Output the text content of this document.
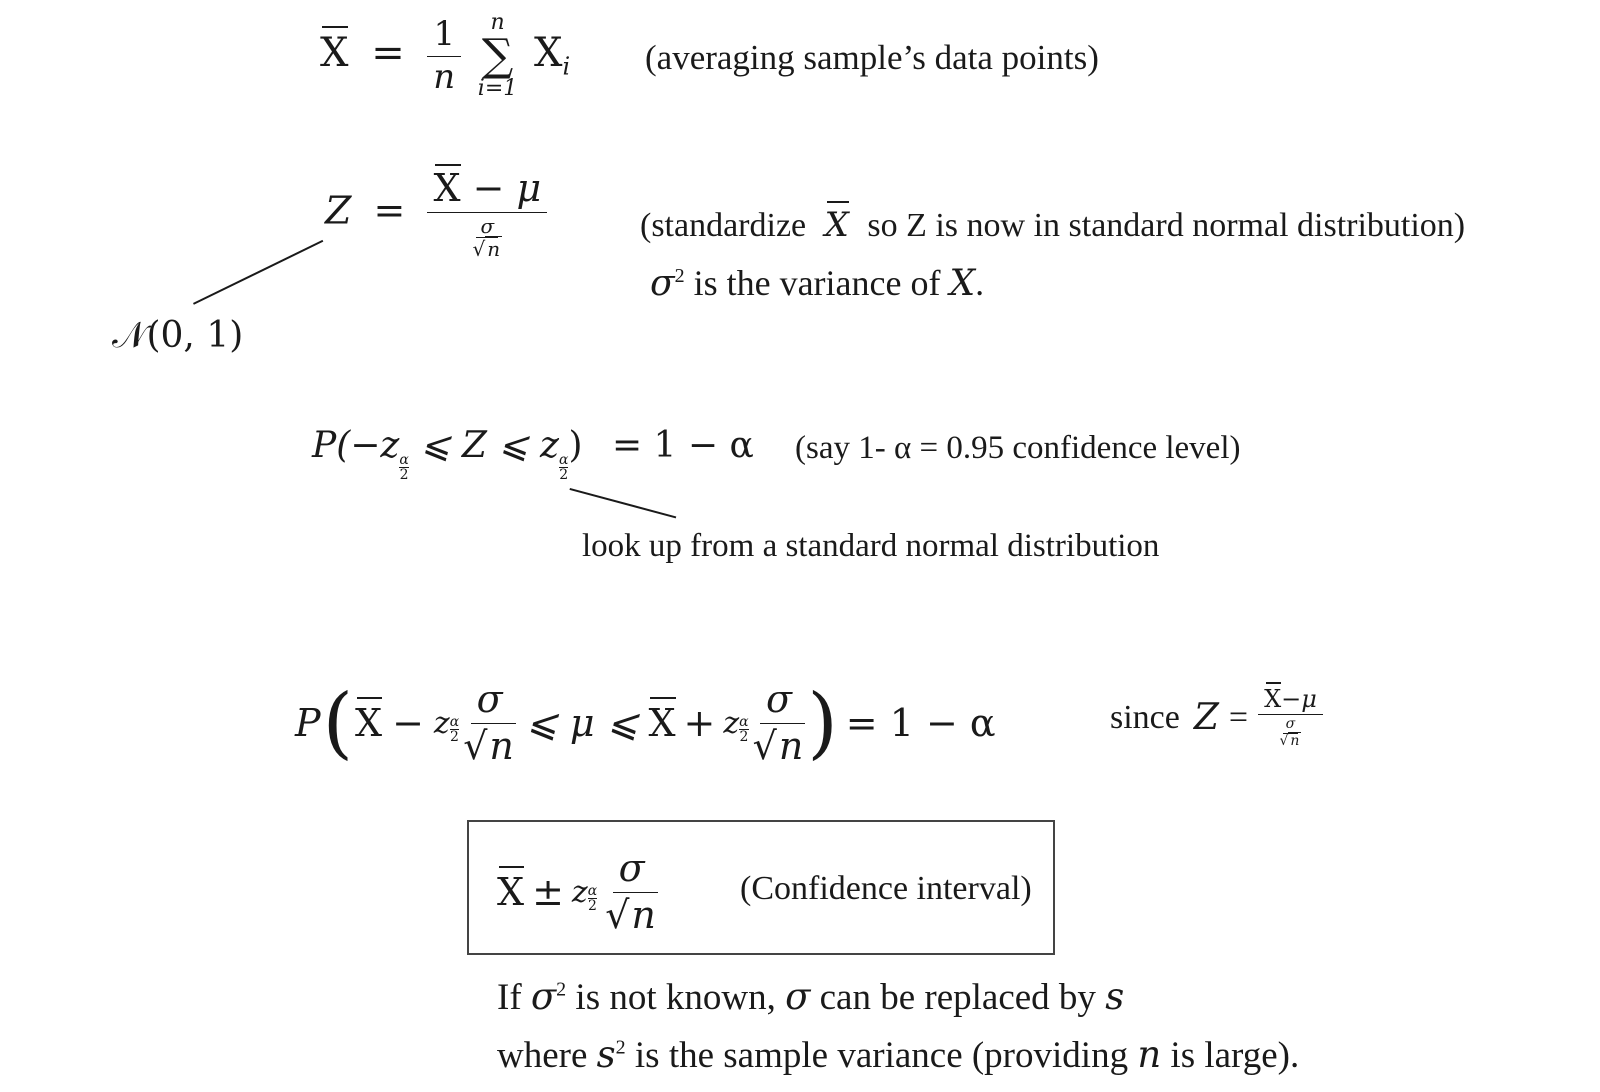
$X = \frac{1}{n}$
n
∑
i=1
$X_i$ (averaging sample’s data points)
Z = X − μ
σ
√ n	(standardize X so Z is now in standard normal distribution)
$\sigma^2$ is the variance of X.
𝒩(0, 1)
P(−z
$\frac{\alpha}{2}$
⩽ Z ⩽ z
$\frac{\alpha}{2}$
) = 1 − α (say 1- α = 0.95 confidence level)
look up from a standard normal distribution
P ( X − z α
$2 \frac{\sigma}{√n}$ ⩽ μ ⩽ X + z α
$2 \frac{\sigma}{√n}$ ) = 1 − α	since Z = X−μ
σ
√ n
X ± z α
$2 \frac{\sigma}{√n}$ (Confidence interval)
If $\sigma^2$ is not known, σ can be replaced by s
where $s^2$ is the sample variance (providing n is large).
